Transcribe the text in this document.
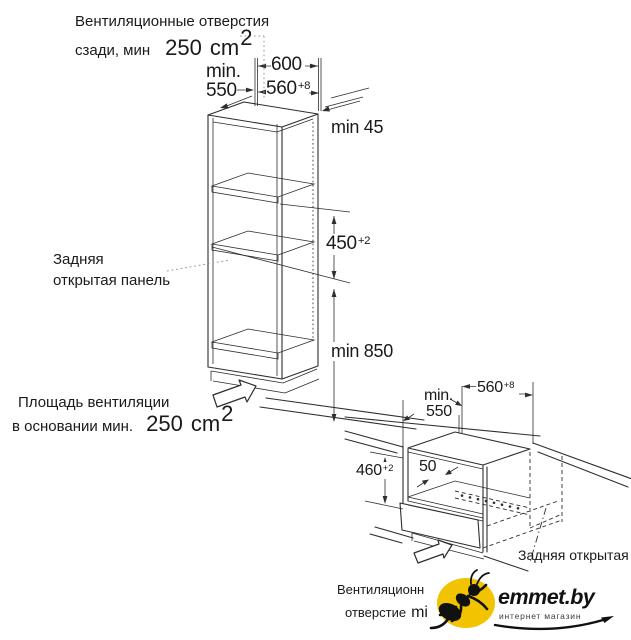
Вентиляционные отверстия
сзади, мин 250 $cm^2$
min.
550
600
$560^{+8}$
min 45
$450^{+2}$
min 850
Задняя
открытая панель
Площадь вентиляции
в основании мин. 250 $cm^2$
min.
550
$560^{+8}$
$460^{+2}$ 50
Задняя открытая
Вентиляционн
отверстие mi
emmet.by
интернет магазин
